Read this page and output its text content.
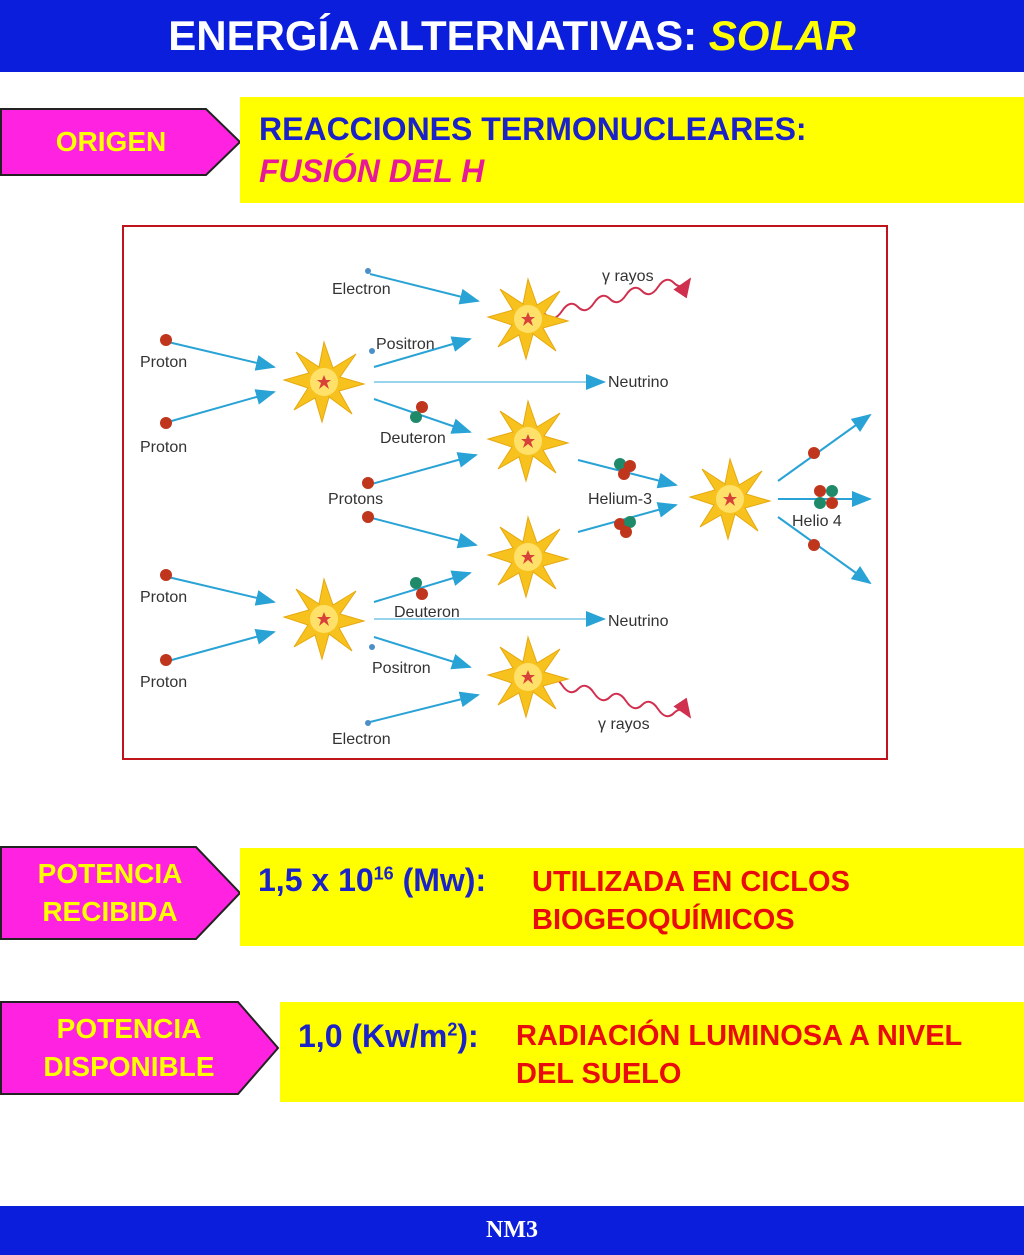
ENERGÍA ALTERNATIVAS: SOLAR
ORIGEN	REACCIONES TERMONUCLEARES:
FUSIÓN DEL H
Electron
γ rayos
Positron
Proton
Neutrino
Deuteron
Proton
Protons	Helium-3
Helio 4
Proton
Deuteron
Neutrino
Positron
Proton
γ rayos
Electron
POTENCIA
RECIBIDA
1,5 x $10^{16}$ (Mw): UTILIZADA EN CICLOS
BIOGEOQUÍMICOS
POTENCIA
DISPONIBLE
1,0 $(Kw/m^2)$: RADIACIÓN LUMINOSA A NIVEL
DEL SUELO
NM3
